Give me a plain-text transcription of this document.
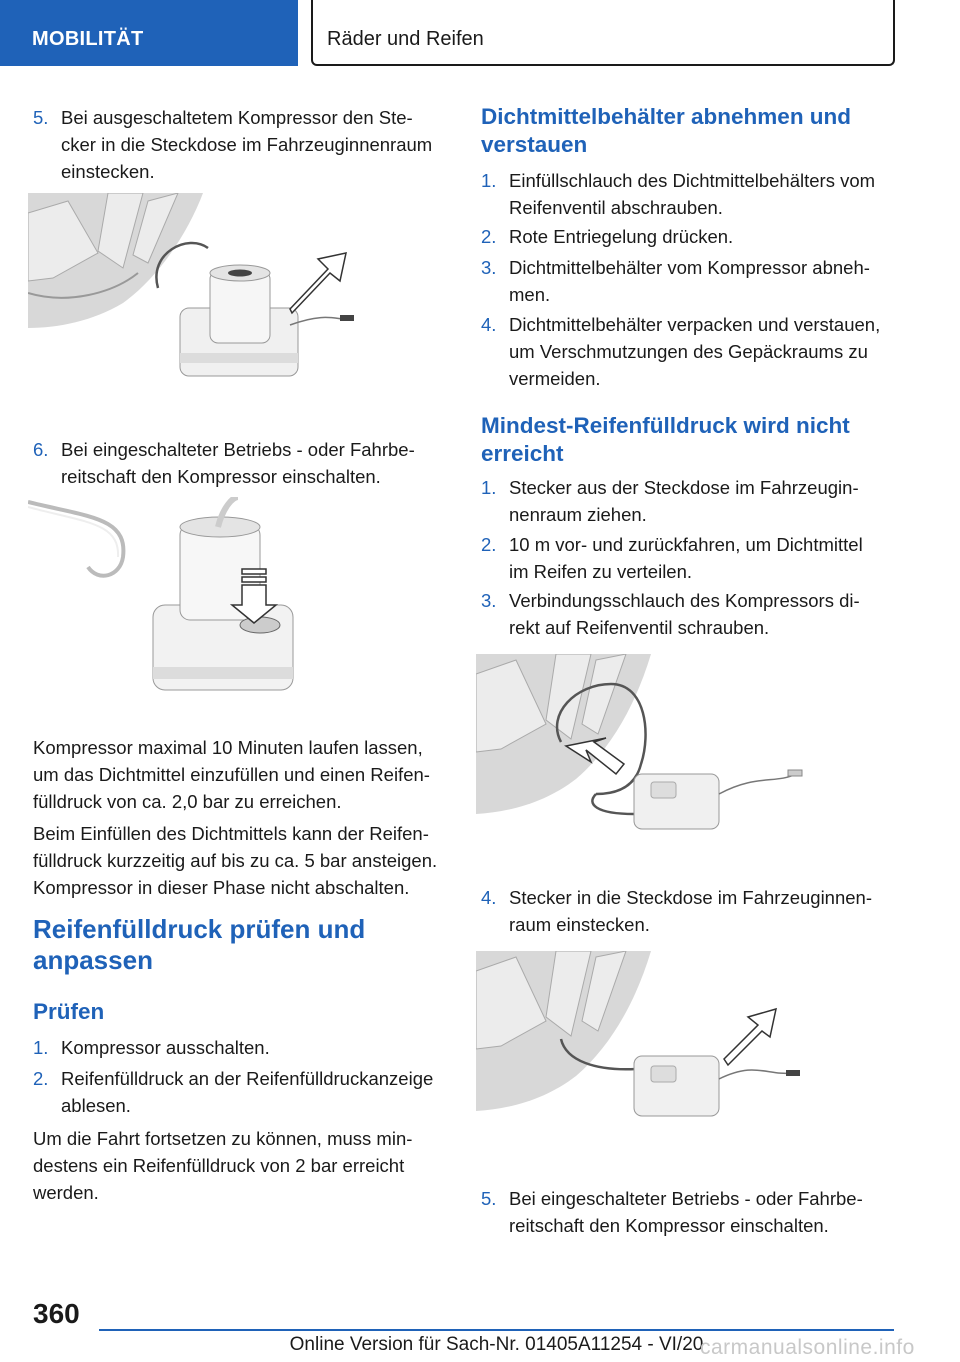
MOBILITÄT	Räder und Reifen
5. Bei ausgeschaltetem Kompressor den Ste-
cker in die Steckdose im Fahrzeuginnenraum
einstecken.
6. Bei eingeschalteter Betriebs - oder Fahrbe-
reitschaft den Kompressor einschalten.
Kompressor maximal 10 Minuten laufen lassen,
um das Dichtmittel einzufüllen und einen Reifen-
fülldruck von ca. 2,0 bar zu erreichen.
Beim Einfüllen des Dichtmittels kann der Reifen-
fülldruck kurzzeitig auf bis zu ca. 5 bar ansteigen.
Kompressor in dieser Phase nicht abschalten.
Reifenfülldruck prüfen und
anpassen
Prüfen
1. Kompressor ausschalten.
2. Reifenfülldruck an der Reifenfülldruckanzeige
ablesen.
Um die Fahrt fortsetzen zu können, muss min-
destens ein Reifenfülldruck von 2 bar erreicht
werden.
Dichtmittelbehälter abnehmen und
verstauen
1. Einfüllschlauch des Dichtmittelbehälters vom
Reifenventil abschrauben.
2. Rote Entriegelung drücken.
3. Dichtmittelbehälter vom Kompressor abneh-
men.
4. Dichtmittelbehälter verpacken und verstauen,
um Verschmutzungen des Gepäckraums zu
vermeiden.
Mindest-Reifenfülldruck wird nicht
erreicht
1. Stecker aus der Steckdose im Fahrzeugin-
nenraum ziehen.
2. 10 m vor- und zurückfahren, um Dichtmittel
im Reifen zu verteilen.
3. Verbindungsschlauch des Kompressors di-
rekt auf Reifenventil schrauben.
4. Stecker in die Steckdose im Fahrzeuginnen-
raum einstecken.
5. Bei eingeschalteter Betriebs - oder Fahrbe-
reitschaft den Kompressor einschalten.
360
Online Version für Sach-Nr. 01405A11254 - VI/20
carmanualsonline.info
